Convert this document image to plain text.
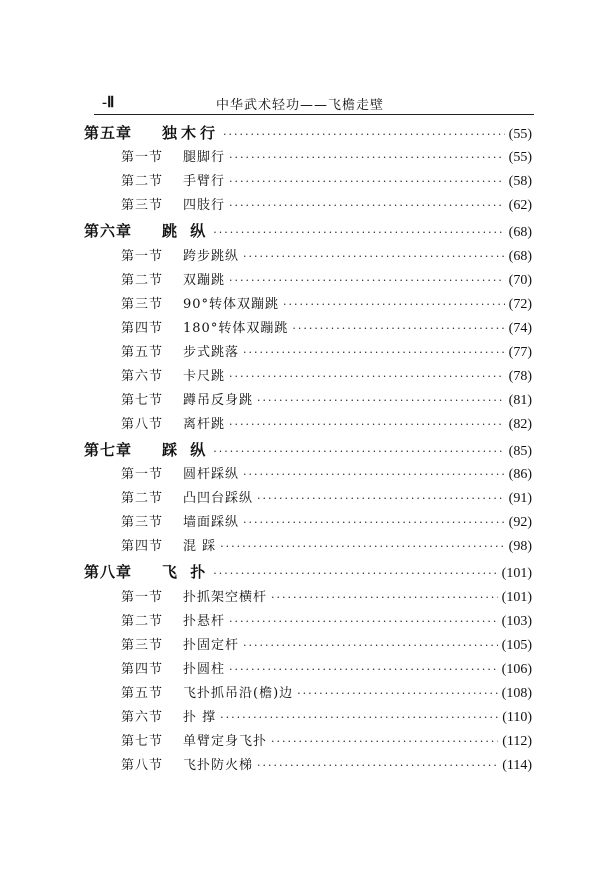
-Ⅱ	中华武术轻功——飞檐走壁
第五章	独木行 ·····	(55)
第一节	腿脚行 ·····	(55)
第二节	手臂行 ·····	(58)
第三节	四肢行 ·····	(62)
第六章	跳 纵 ·····	(68)
第一节	跨步跳纵 ·····	(68)
第二节	双蹦跳 ·····	(70)
第三节	90°转体双蹦跳 ·····	(72)
第四节	180°转体双蹦跳 ·····	(74)
第五节	步式跳落 ·····	(77)
第六节	卡尺跳 ·····	(78)
第七节	蹲吊反身跳 ·····	(81)
第八节	离杆跳 ·····	(82)
第七章	踩 纵 ·····	(85)
第一节	圆杆踩纵 ·····	(86)
第二节	凸凹台踩纵 ·····	(91)
第三节	墙面踩纵 ·····	(92)
第四节	混 踩 ·····	(98)
第八章	飞 扑 ·····	(101)
第一节	扑抓架空横杆 ·····	(101)
第二节	扑悬杆 ·····	(103)
第三节	扑固定杆 ·····	(105)
第四节	扑圆柱 ·····	(106)
第五节	飞扑抓吊沿(檐)边 ·····	(108)
第六节	扑 撑 ·····	(110)
第七节	单臂定身飞扑 ·····	(112)
第八节	飞扑防火梯 ·····	(114)
